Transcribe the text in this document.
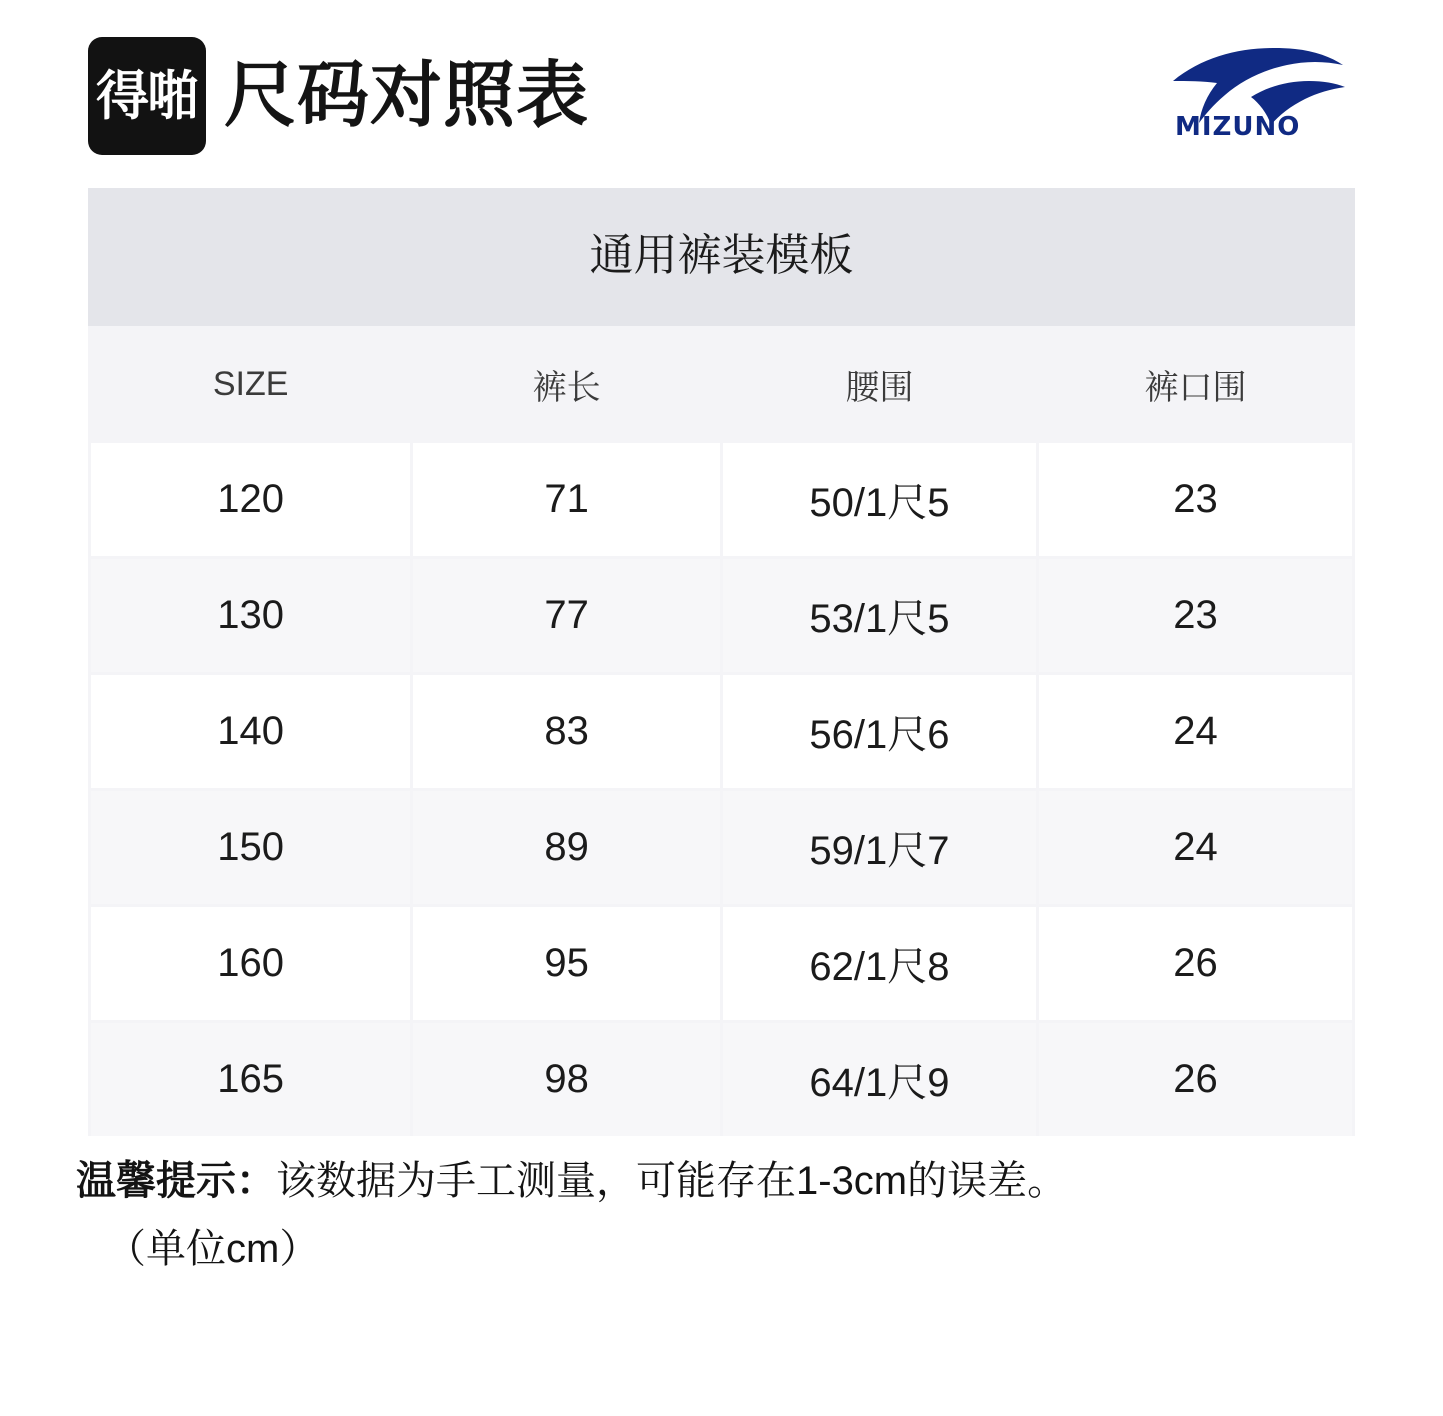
得啪 尺码对照表	MIZUNO
通用裤装模板
SIZE	裤长	腰围	裤口围
120	71	50/1尺5	23
130	77	53/1尺5	23
140	83	56/1尺6	24
150	89	59/1尺7	24
160	95	62/1尺8	26
165	98	64/1尺9	26
温馨提示：该数据为手工测量，可能存在1-3cm的误差。
（单位cm）
